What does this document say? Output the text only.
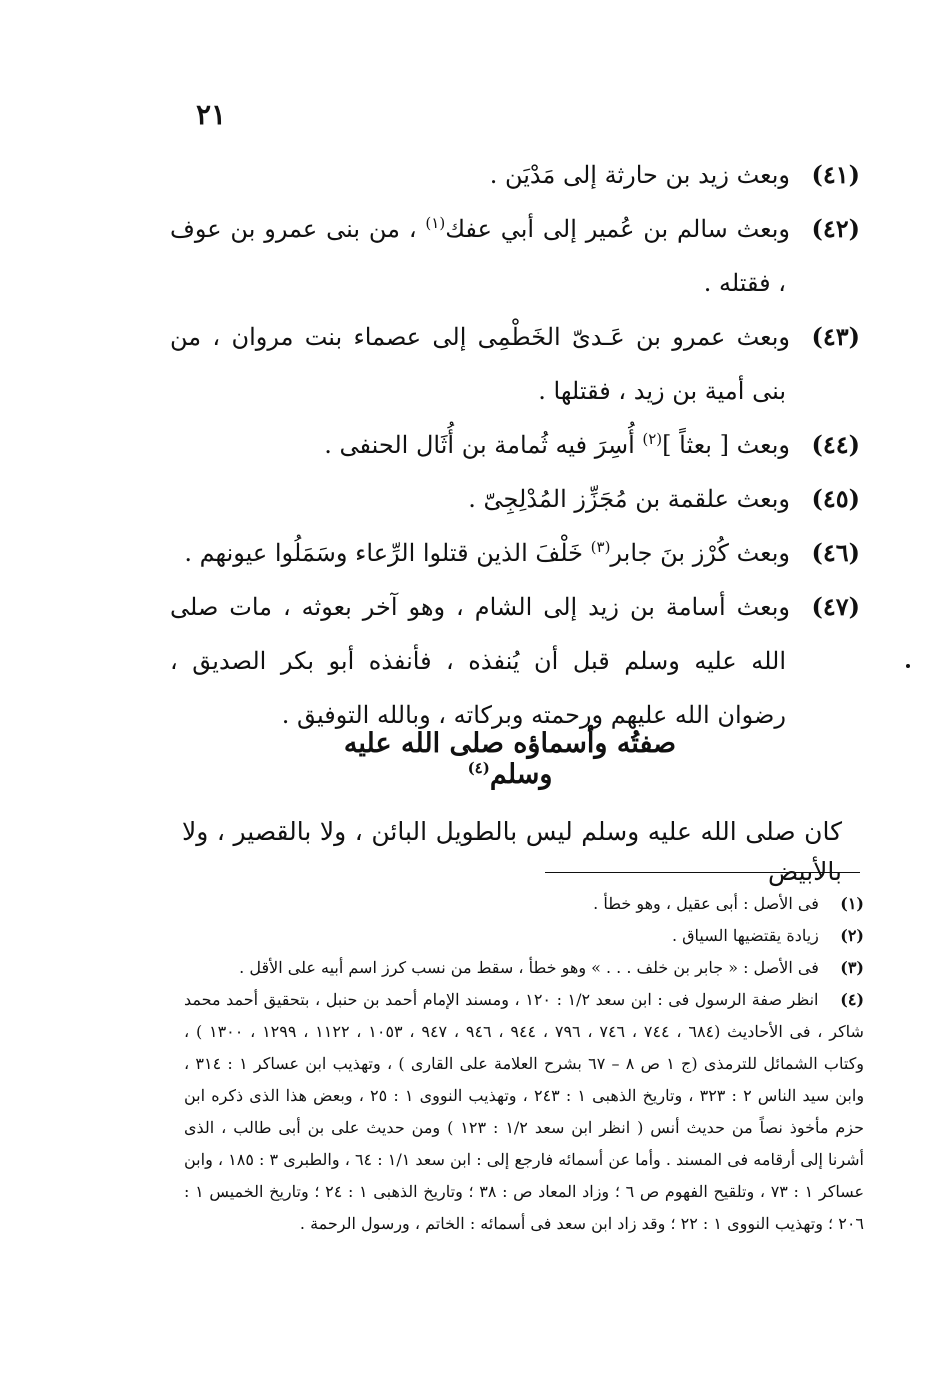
٢١

(٤١)وبعث زيد بن حارثة إلى مَدْيَن .

(٤٢)وبعث سالم بن عُمير إلى أبي عفك$^{(١)}$ ، من بنى عمرو بن عوف ، فقتله .

(٤٣)وبعث عمرو بن عَـدىّ الخَطْمِى إلى عصماء بنت مروان ، من بنى أمية بن زيد ، فقتلها .

(٤٤)وبعث [ بعثاً ]$^{(٢)}$ أُسِرَ فيه ثُمامة بن أُثَال الحنفى .

(٤٥)وبعث علقمة بن مُجَزِّز المُدْلِجِىّ .

(٤٦)وبعث كُرْز بنَ جابر$^{(٣)}$ خَلْفَ الذين قتلوا الرِّعاء وسَمَلُوا عيونهم .

(٤٧)وبعث أسامة بن زيد إلى الشام ، وهو آخر بعوثه ، مات صلى الله عليه وسلم قبل أن يُنفذه ، فأنفذه أبو بكر الصديق ، رضوان الله عليهم ورحمته وبركاته ، وبالله التوفيق .

صفتُه وأسماؤه صلى الله عليه وسلم$^{(٤)}$
كان صلى الله عليه وسلم ليس بالطويل البائن ، ولا بالقصير ، ولا بالأبيض

(١) فى الأصل : أبى عقيل ، وهو خطأ .

(٢) زيادة يقتضيها السياق .

(٣) فى الأصل : « جابر بن خلف . . . » وهو خطأ ، سقط من نسب كرز اسم أبيه على الأقل .

(٤) انظر صفة الرسول فى : ابن سعد ١/٢ : ١٢٠ ، ومسند الإمام أحمد بن حنبل ، بتحقيق أحمد محمد شاكر ، فى الأحاديث (٦٨٤ ، ٧٤٤ ، ٧٤٦ ، ٧٩٦ ، ٩٤٤ ، ٩٤٦ ، ٩٤٧ ، ١٠٥٣ ، ١١٢٢ ، ١٢٩٩ ، ١٣٠٠ ) ، وكتاب الشمائل للترمذى (ج ١ ص ٨ – ٦٧ بشرح العلامة على القارى ) ، وتهذيب ابن عساكر ١ : ٣١٤ ، وابن سيد الناس ٢ : ٣٢٣ ، وتاريخ الذهبى ١ : ٢٤٣ ، وتهذيب النووى ١ : ٢٥ ، وبعض هذا الذى ذكره ابن حزم مأخوذ نصاً من حديث أنس ( انظر ابن سعد ١/٢ : ١٢٣ ) ومن حديث على بن أبى طالب ، الذى أشرنا إلى أرقامه فى المسند . وأما عن أسمائه فارجع إلى : ابن سعد ١/١ : ٦٤ ، والطبرى ٣ : ١٨٥ ، وابن عساكر ١ : ٧٣ ، وتلقيح الفهوم ص ٦ ؛ وزاد المعاد ص : ٣٨ ؛ وتاريخ الذهبى ١ : ٢٤ ؛ وتاريخ الخميس ١ : ٢٠٦ ؛ وتهذيب النووى ١ : ٢٢ ؛ وقد زاد ابن سعد فى أسمائه : الخاتم ، ورسول الرحمة .
